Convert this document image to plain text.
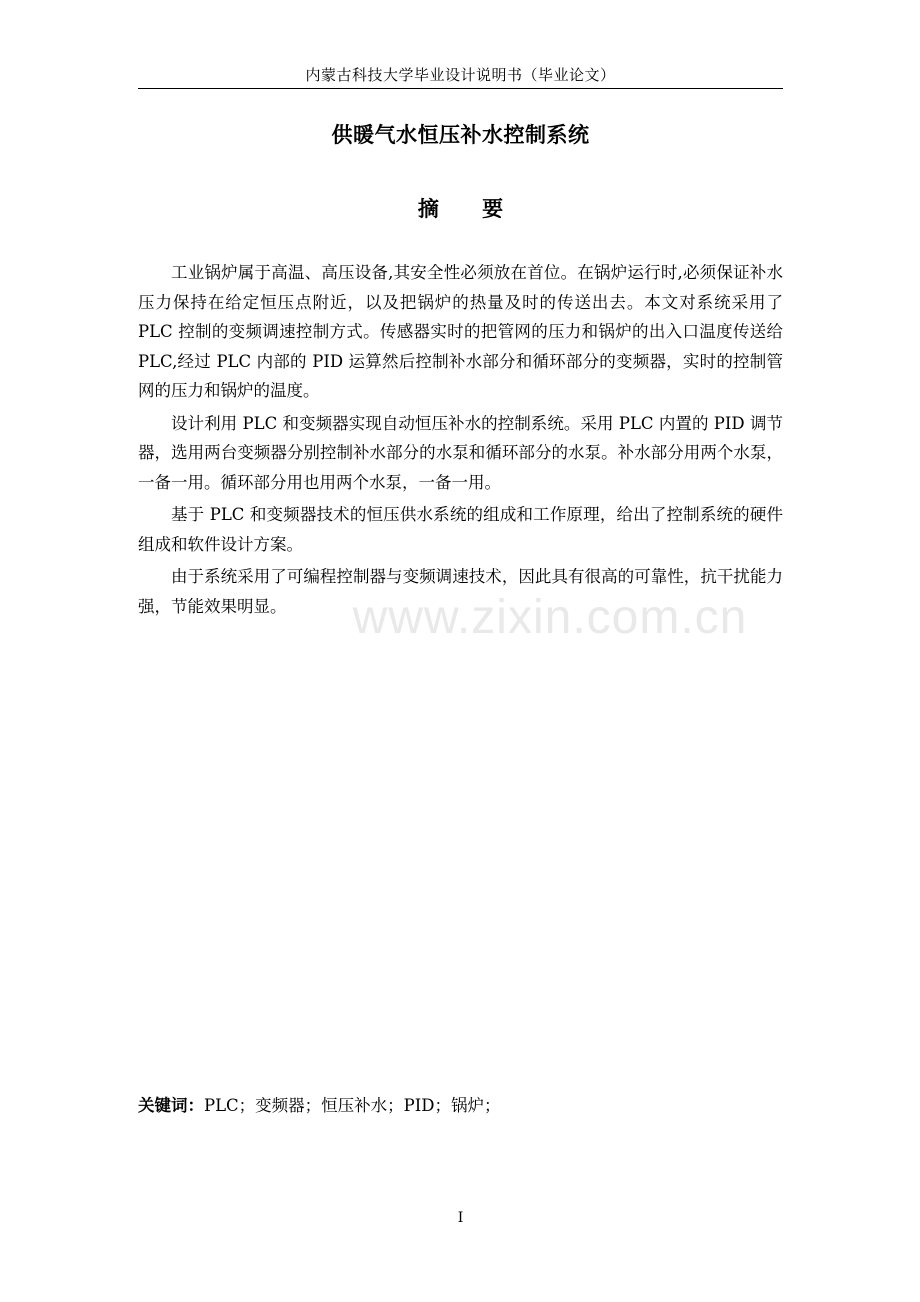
内蒙古科技大学毕业设计说明书（毕业论文）
供暖气水恒压补水控制系统
摘 要
www.zixin.com.cn

工业锅炉属于高温、高压设备,其安全性必须放在首位。在锅炉运行时,必须保证补水压力保持在给定恒压点附近，以及把锅炉的热量及时的传送出去。本文对系统采用了 PLC 控制的变频调速控制方式。传感器实时的把管网的压力和锅炉的出入口温度传送给 PLC,经过 PLC 内部的 PID 运算然后控制补水部分和循环部分的变频器，实时的控制管网的压力和锅炉的温度。

设计利用 PLC 和变频器实现自动恒压补水的控制系统。采用 PLC 内置的 PID 调节器，选用两台变频器分别控制补水部分的水泵和循环部分的水泵。补水部分用两个水泵，一备一用。循环部分用也用两个水泵，一备一用。

基于 PLC 和变频器技术的恒压供水系统的组成和工作原理，给出了控制系统的硬件组成和软件设计方案。

由于系统采用了可编程控制器与变频调速技术，因此具有很高的可靠性，抗干扰能力强，节能效果明显。

关键词：PLC；变频器；恒压补水；PID；锅炉；
I
